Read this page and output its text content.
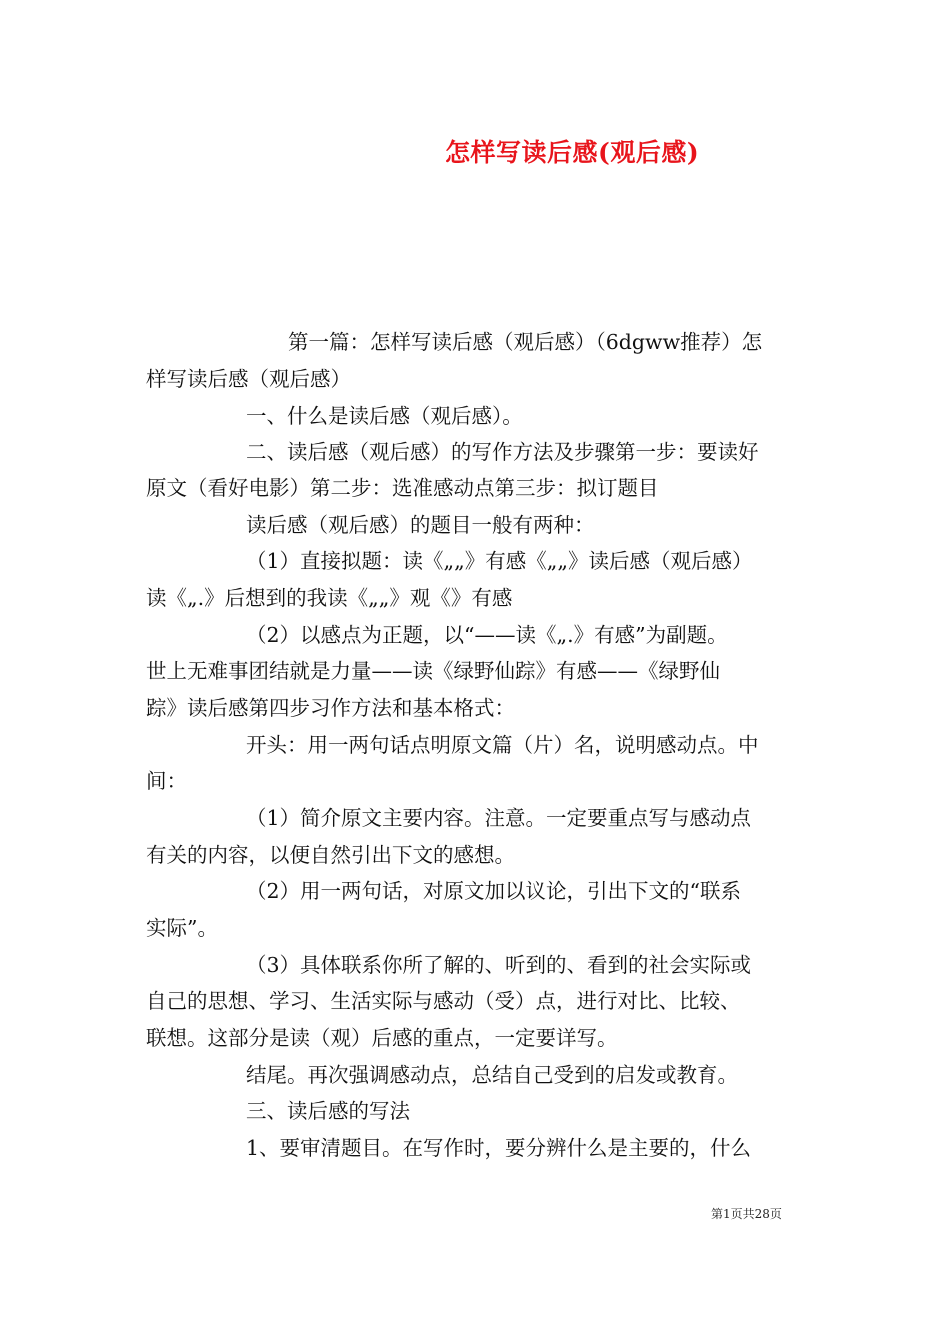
怎样写读后感(观后感)
第一篇：怎样写读后感（观后感）（6dgww推荐）怎
样写读后感（观后感）
一、什么是读后感（观后感）。
二、读后感（观后感）的写作方法及步骤第一步：要读好
原文（看好电影）第二步：选准感动点第三步：拟订题目
读后感（观后感）的题目一般有两种：
（1）直接拟题：读《„„》有感《„„》读后感（观后感）
读《„.》后想到的我读《„„》观《》有感
（2）以感点为正题，以“——读《„.》有感”为副题。
世上无难事团结就是力量——读《绿野仙踪》有感——《绿野仙
踪》读后感第四步习作方法和基本格式：
开头：用一两句话点明原文篇（片）名，说明感动点。中
间：
（1）简介原文主要内容。注意。一定要重点写与感动点
有关的内容，以便自然引出下文的感想。
（2）用一两句话，对原文加以议论，引出下文的“联系
实际”。
（3）具体联系你所了解的、听到的、看到的社会实际或
自己的思想、学习、生活实际与感动（受）点，进行对比、比较、
联想。这部分是读（观）后感的重点，一定要详写。
结尾。再次强调感动点，总结自己受到的启发或教育。
三、读后感的写法
1、要审清题目。在写作时，要分辨什么是主要的，什么
第1页共28页
